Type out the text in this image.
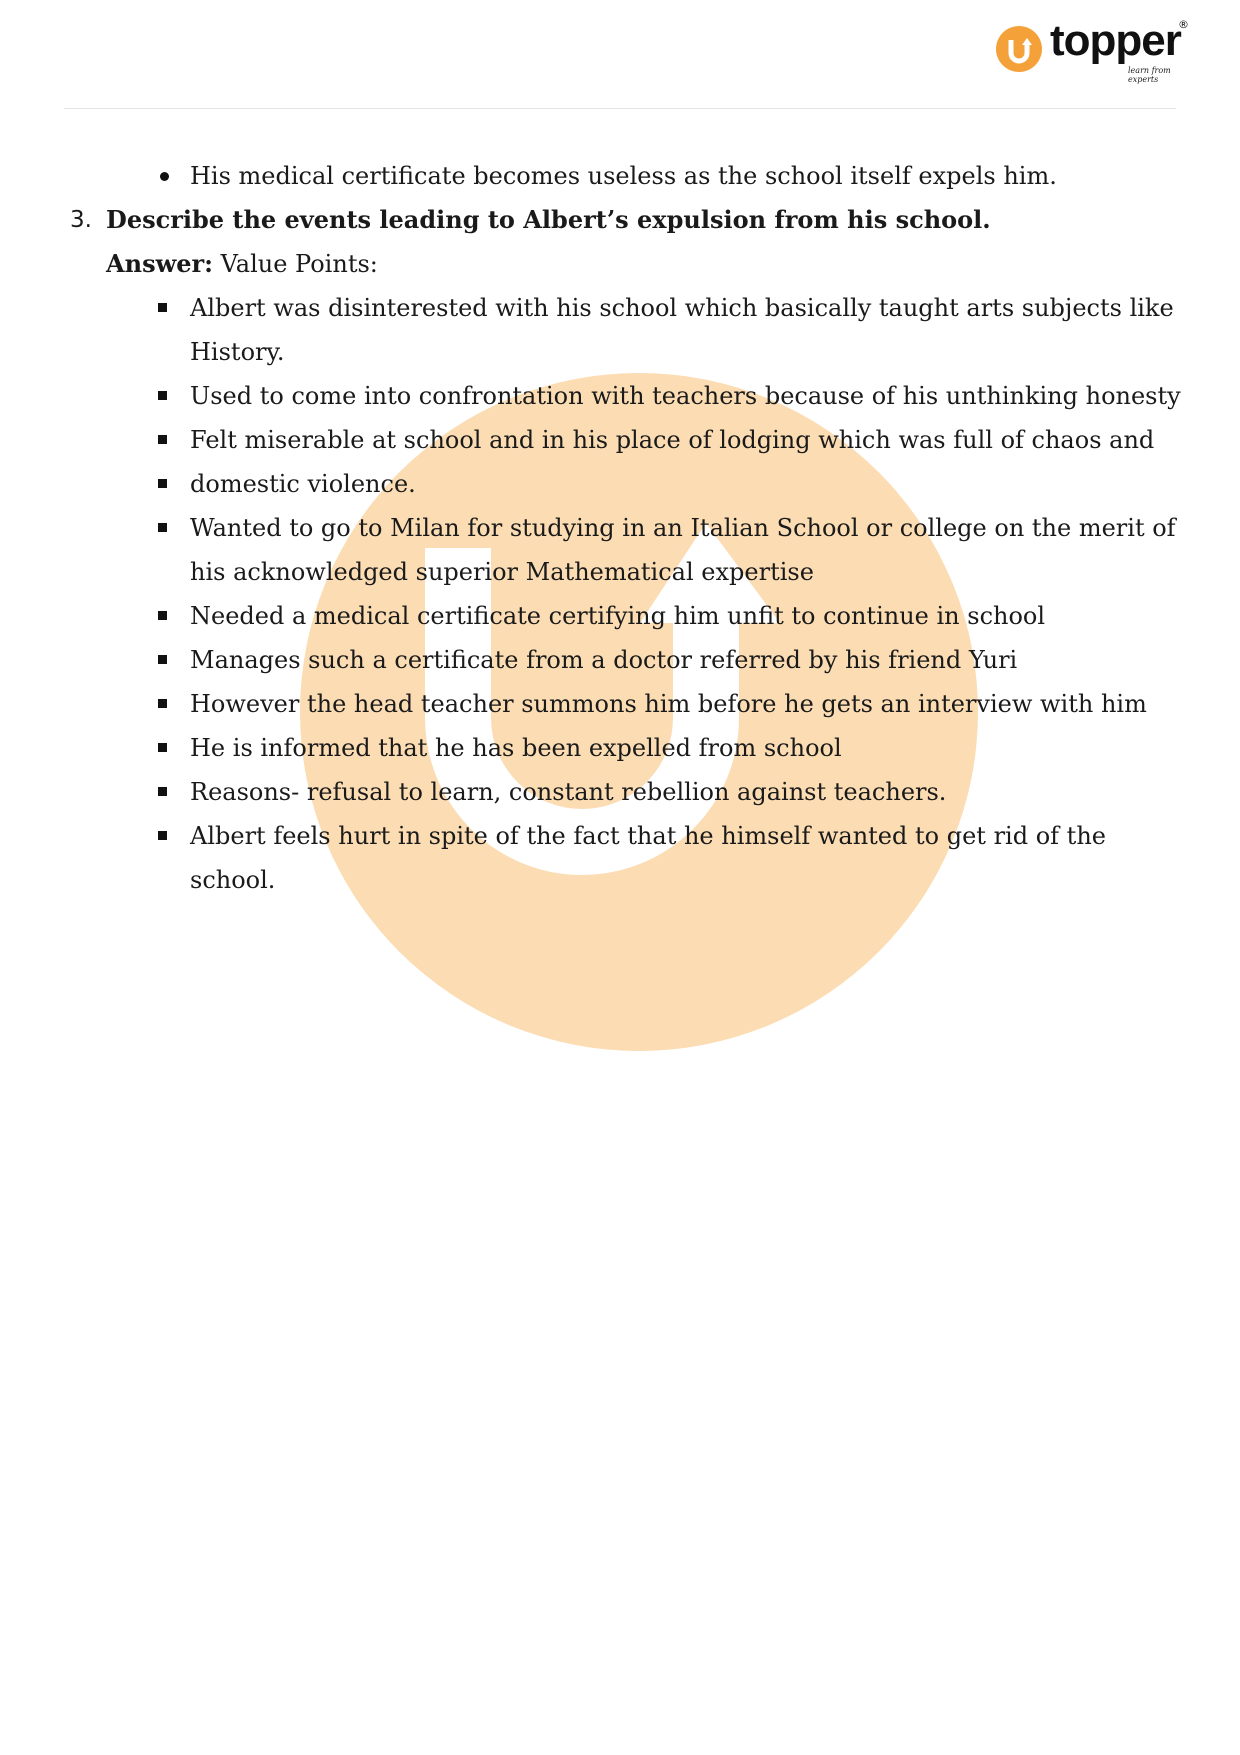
topper
®
learn from experts
His medical certificate becomes useless as the school itself expels him.
3. Describe the events leading to Albert’s expulsion from his school.
Answer: Value Points:
Albert was disinterested with his school which basically taught arts subjects like History.
Used to come into confrontation with teachers because of his unthinking honesty
Felt miserable at school and in his place of lodging which was full of chaos and
domestic violence.
Wanted to go to Milan for studying in an Italian School or college on the merit of his acknowledged superior Mathematical expertise
Needed a medical certificate certifying him unfit to continue in school
Manages such a certificate from a doctor referred by his friend Yuri
However the head teacher summons him before he gets an interview with him
He is informed that he has been expelled from school
Reasons- refusal to learn, constant rebellion against teachers.
Albert feels hurt in spite of the fact that he himself wanted to get rid of the school.
